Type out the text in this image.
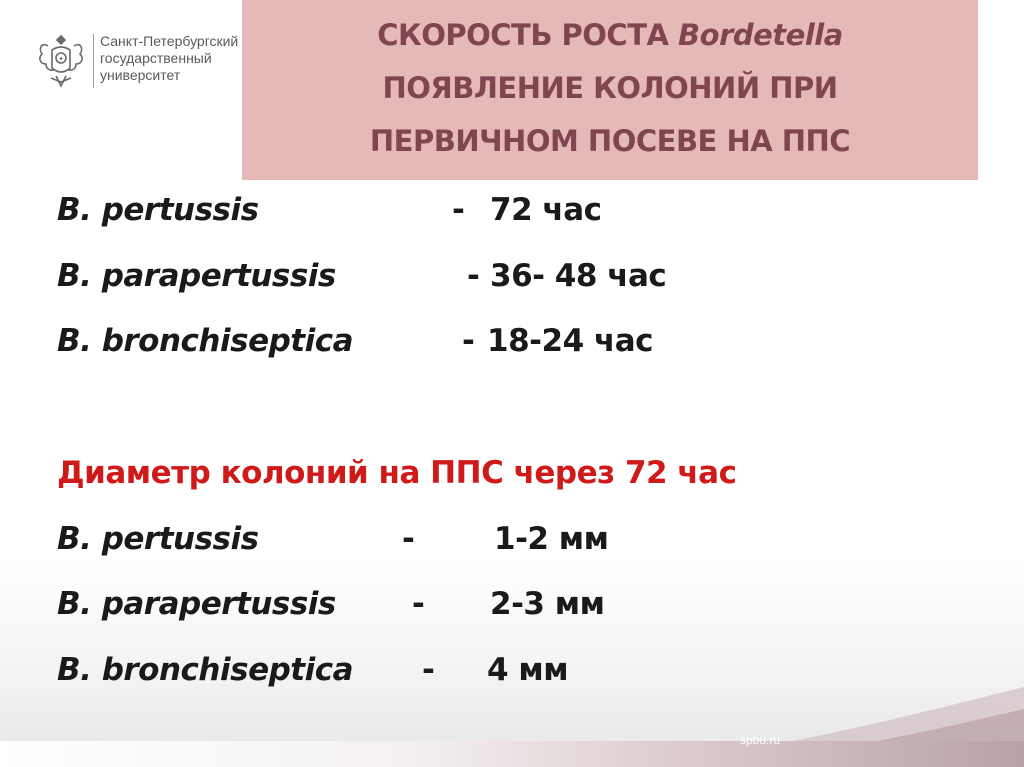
✦
Санкт-Петербургский
государственный
университет
СКОРОСТЬ РОСТА Bordetella
ПОЯВЛЕНИЕ КОЛОНИЙ ПРИ
ПЕРВИЧНОМ ПОСЕВЕ НА ППС
B. pertussis	- 72 час
B. parapertussis	- 36- 48 час
B. bronchiseptica	- 18-24 час
Диаметр колоний на ППС через 72 час
B. pertussis	-	1-2 мм
B. parapertussis - 2-3 мм
B. bronchiseptica - 4 мм
spbu.ru
